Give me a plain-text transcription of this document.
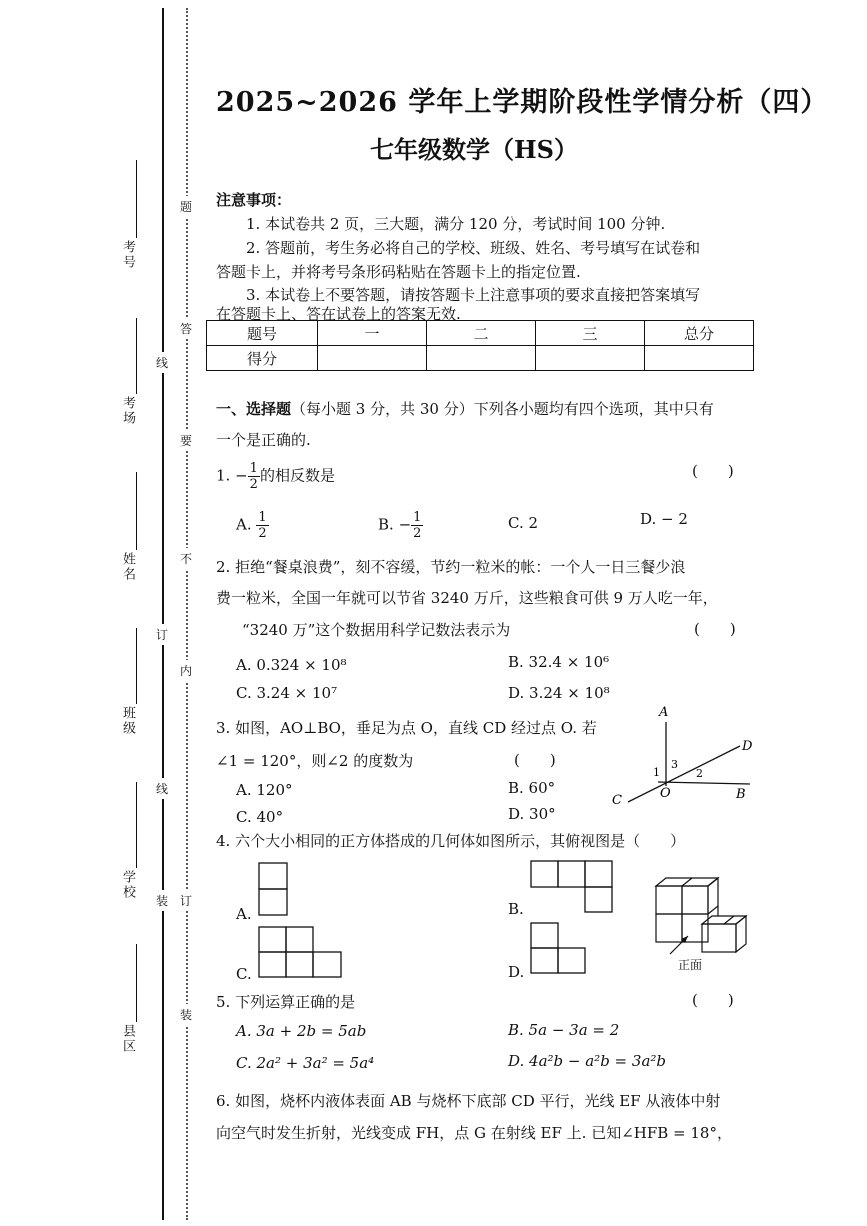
考号
考场
姓名
班级
学校
县区
题
答
要
不
内
线
订
线
装 订
装
2025~2026 学年上学期阶段性学情分析（四）
七年级数学（HS）
注意事项：
1. 本试卷共 2 页，三大题，满分 120 分，考试时间 100 分钟.
2. 答题前，考生务必将自己的学校、班级、姓名、考号填写在试卷和
答题卡上，并将考号条形码粘贴在答题卡上的指定位置.
3. 本试卷上不要答题，请按答题卡上注意事项的要求直接把答案填写
在答题卡上、答在试卷上的答案无效.
题号	一	二	三	总分
得分				
一、选择题（每小题 3 分，共 30 分）下列各小题均有四个选项，其中只有
一个是正确的.
1. − $\frac{1}{2}$ 的相反数是	(　　)
A. $\frac{1}{2}$	B. − $\frac{1}{2}$	C. 2	D. − 2
2. 拒绝“餐桌浪费”，刻不容缓，节约一粒米的帐：一个人一日三餐少浪
费一粒米，全国一年就可以节省 3240 万斤，这些粮食可供 9 万人吃一年，
“3240 万”这个数据用科学记数法表示为	(　　)
A. 0.324 × 10⁸	B. 32.4 × 10⁶
C. 3.24 × 10⁷	D. 3.24 × 10⁸
3. 如图，AO⊥BO，垂足为点 O，直线 CD 经过点 O. 若
∠1 = 120°，则∠2 的度数为	(　　)
A. 120°	B. 60°
C. 40°	D. 30°
A
D
3
1	2
C	O	B
4. 六个大小相同的正方体搭成的几何体如图所示，其俯视图是（　　）
A.	B.
C.	D.	正面
5. 下列运算正确的是	(　　)
A. 3a + 2b = 5ab	B. 5a − 3a = 2
C. 2a² + 3a² = 5a⁴	D. 4a²b − a²b = 3a²b
6. 如图，烧杯内液体表面 AB 与烧杯下底部 CD 平行，光线 EF 从液体中射
向空气时发生折射，光线变成 FH，点 G 在射线 EF 上. 已知∠HFB = 18°，
